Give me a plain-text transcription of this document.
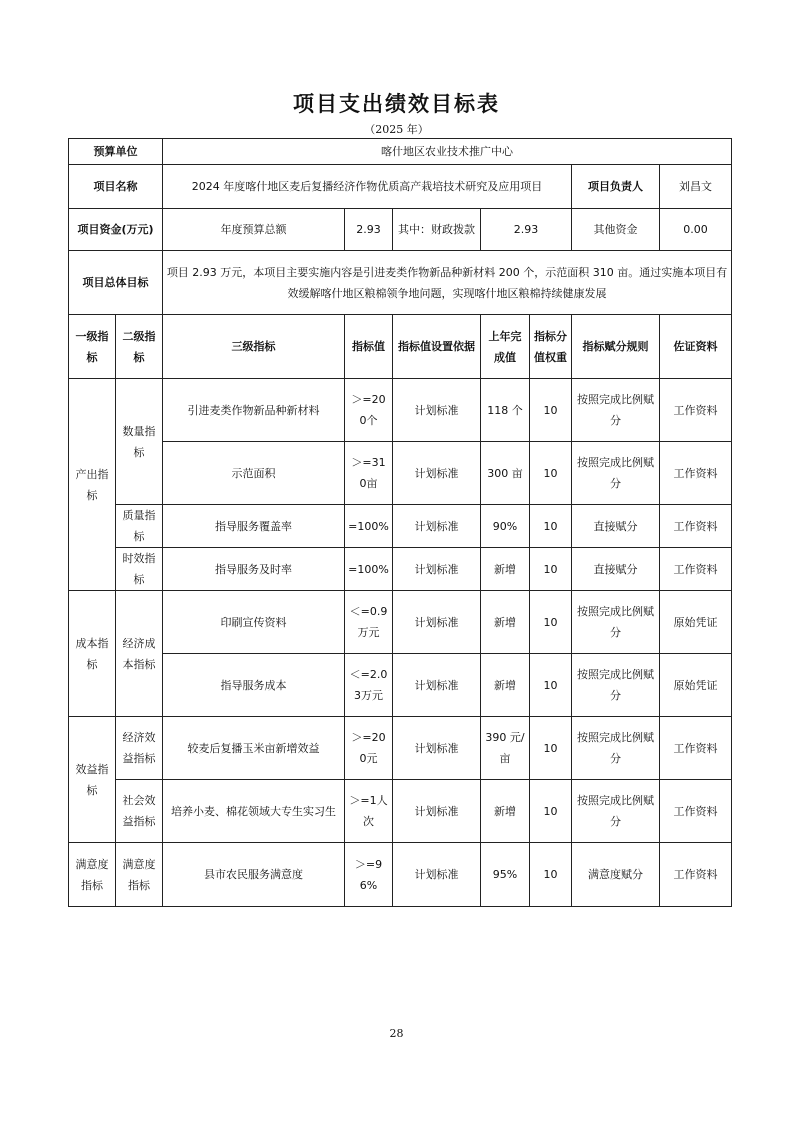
项目支出绩效目标表
（2025 年）
预算单位		喀什地区农业技术推广中心						
项目名称		2024 年度喀什地区麦后复播经济作物优质高产栽培技术研究及应用项目					项目负责人	刘昌文
项目资金(万元)		年度预算总额	2.93	其中：财政拨款	2.93		其他资金	0.00
项目总体目标		项目 2.93 万元，本项目主要实施内容是引进麦类作物新品种新材料 200 个，示范面积 310 亩。通过实施本项目有效缓解喀什地区粮棉领争地问题，实现喀什地区粮棉持续健康发展						
一级指标	二级指标	三级指标	指标值	指标值设置依据	上年完成值	指标分值权重	指标赋分规则	佐证资料
产出指标	数量指标	引进麦类作物新品种新材料	＞=200个	计划标准	118 个	10	按照完成比例赋分	工作资料
		示范面积	＞=310亩	计划标准	300 亩	10	按照完成比例赋分	工作资料
	质量指标	指导服务覆盖率	=100%	计划标准	90%	10	直接赋分	工作资料
	时效指标	指导服务及时率	=100%	计划标准	新增	10	直接赋分	工作资料
成本指标	经济成本指标	印刷宣传资料	＜=0.9万元	计划标准	新增	10	按照完成比例赋分	原始凭证
		指导服务成本	＜=2.03万元	计划标准	新增	10	按照完成比例赋分	原始凭证
效益指标	经济效益指标	较麦后复播玉米亩新增效益	＞=200元	计划标准	390 元/亩	10	按照完成比例赋分	工作资料
	社会效益指标	培养小麦、棉花领域大专生实习生	＞=1人次	计划标准	新增	10	按照完成比例赋分	工作资料
满意度指标	满意度指标	县市农民服务满意度	＞=96%	计划标准	95%	10	满意度赋分	工作资料
28
